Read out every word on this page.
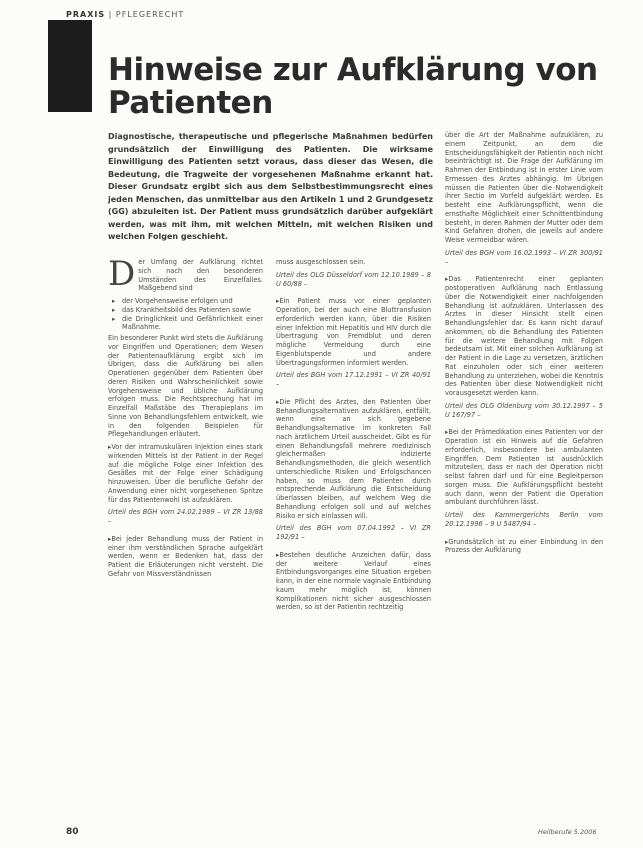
PRAXIS | PFLEGERECHT
Hinweise zur Aufklärung von Patienten
Diagnostische, therapeutische und pflegerische Maßnahmen bedürfen grundsätzlich der Einwilligung des Patienten. Die wirksame Einwilligung des Patienten setzt voraus, dass dieser das Wesen, die Bedeutung, die Tragweite der vorgesehenen Maßnahme erkannt hat. Dieser Grundsatz ergibt sich aus dem Selbstbestimmungsrecht eines jeden Menschen, das unmittelbar aus den Artikeln 1 und 2 Grundgesetz (GG) abzuleiten ist. Der Patient muss grundsätzlich darüber aufgeklärt werden, was mit ihm, mit welchen Mitteln, mit welchen Risiken und welchen Folgen geschieht.

Der Umfang der Aufklärung richtet sich nach den besonderen Umständen des Einzelfalles. Maßgebend sind

▸ der Vorgehensweise erfolgen und
▸ das Krankheitsbild des Patienten sowie
▸ die Dringlichkeit und Gefährlichkeit einer Maßnahme.

Ein besonderer Punkt wird stets die Aufklärung vor Eingriffen und Operationen; dem Wesen der Patientenaufklärung ergibt sich im Übrigen, dass die Aufklärung bei allen Operationen gegenüber dem Patienten über deren Risiken und Wahrscheinlichkeit sowie Vorgehensweise und übliche Aufklärung erfolgen muss. Die Rechtsprechung hat im Einzelfall Maßstäbe des Therapieplans im Sinne von Behandlungsfehlern entwickelt, wie in den folgenden Beispielen für Pflegehandlungen erläutert.

▸ Vor der intramuskulären Injektion eines stark wirkenden Mittels ist der Patient in der Regel auf die mögliche Folge einer Infektion des Gesäßes mit der Folge einer Schädigung hinzuweisen. Über die berufliche Gefahr der Anwendung einer nicht vorgesehenen Spritze für das Patientenwohl ist aufzuklären.

Urteil des BGH vom 24.02.1989 – VI ZR 13/88 –

▸ Bei jeder Behandlung muss der Patient in einer ihm verständlichen Sprache aufgeklärt werden, wenn er Bedenken hat, dass der Patient die Erläuterungen nicht versteht. Die Gefahr von Missverständnissen

muss ausgeschlossen sein.

Urteil des OLG Düsseldorf vom 12.10.1989 – 8 U 60/88 –

▸ Ein Patient muss vor einer geplanten Operation, bei der auch eine Bluttransfusion erforderlich werden kann, über die Risiken einer Infektion mit Hepatitis und HIV durch die Übertragung von Fremdblut und deren mögliche Vermeidung durch eine Eigenblutspende und andere Übertragungsformen informiert werden.

Urteil des BGH vom 17.12.1991 – VI ZR 40/91 –

▸ Die Pflicht des Arztes, den Patienten über Behandlungsalternativen aufzuklären, entfällt, wenn eine an sich gegebene Behandlungsalternative im konkreten Fall nach ärztlichem Urteil ausscheidet. Gibt es für einen Behandlungsfall mehrere medizinisch gleichermaßen indizierte Behandlungsmethoden, die gleich wesentlich unterschiedliche Risiken und Erfolgschancen haben, so muss dem Patienten durch entsprechende Aufklärung die Entscheidung überlassen bleiben, auf welchem Weg die Behandlung erfolgen soll und auf welches Risiko er sich einlassen will.

Urteil des BGH vom 07.04.1992 – VI ZR 192/91 –

▸ Bestehen deutliche Anzeichen dafür, dass der weitere Verlauf eines Entbindungsvorganges eine Situation ergeben kann, in der eine normale vaginale Entbindung kaum mehr möglich ist, können Komplikationen nicht sicher ausgeschlossen werden, so ist der Patientin rechtzeitig

über die Art der Maßnahme aufzuklären, zu einem Zeitpunkt, an dem die Entscheidungsfähigkeit der Patientin noch nicht beeinträchtigt ist. Die Frage der Aufklärung im Rahmen der Entbindung ist in erster Linie vom Ermessen des Arztes abhängig. Im Übrigen müssen die Patienten über die Notwendigkeit ihrer Sectio im Vorfeld aufgeklärt werden. Es besteht eine Aufklärungspflicht, wenn die ernsthafte Möglichkeit einer Schnittentbindung besteht, in deren Rahmen der Mutter oder dem Kind Gefahren drohen, die jeweils auf andere Weise vermeidbar wären.

Urteil des BGH vom 16.02.1993 – VI ZR 300/91 –

▸ Das Patientenrecht einer geplanten postoperativen Aufklärung nach Entlassung über die Notwendigkeit einer nachfolgenden Behandlung ist aufzuklären. Unterlassen des Arztes in dieser Hinsicht stellt einen Behandlungsfehler dar. Es kann nicht darauf ankommen, ob die Behandlung des Patienten für die weitere Behandlung mit Folgen bedeutsam ist. Mit einer solchen Aufklärung ist der Patient in die Lage zu versetzen, ärztlichen Rat einzuholen oder sich einer weiteren Behandlung zu unterziehen, wobei die Kenntnis des Patienten über diese Notwendigkeit nicht vorausgesetzt werden kann.

Urteil des OLG Oldenburg vom 30.12.1997 – 5 U 167/97 –

▸ Bei der Prämedikation eines Patienten vor der Operation ist ein Hinweis auf die Gefahren erforderlich, insbesondere bei ambulanten Eingriffen. Dem Patienten ist ausdrücklich mitzuteilen, dass er nach der Operation nicht selbst fahren darf und für eine Begleitperson sorgen muss. Die Aufklärungspflicht besteht auch dann, wenn der Patient die Operation ambulant durchführen lässt.

Urteil des Kammergerichts Berlin vom 20.12.1996 – 9 U 5487/94 –

▸ Grundsätzlich ist zu einer Einbindung in den Prozess der Aufklärung

80	Heilberufe 5.2006
